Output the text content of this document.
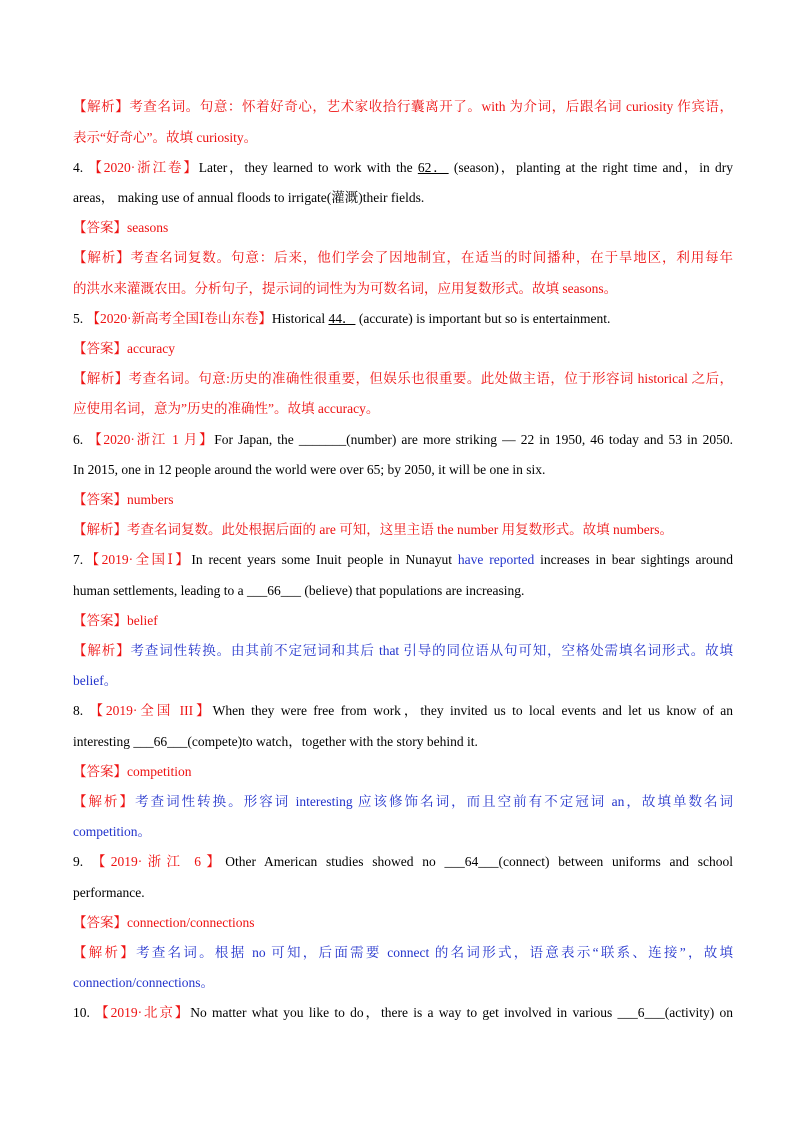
【解析】考查名词。句意：怀着好奇心，艺术家收拾行囊离开了。with 为介词，后跟名词 curiosity 作宾语，
表示“好奇心”。故填 curiosity。
4. 【2020·浙江卷】Later，they learned to work with the 62． (season)，planting at the right time and，in dry
areas， making use of annual floods to irrigate(灌溉)their fields.
【答案】seasons
【解析】考查名词复数。句意：后来，他们学会了因地制宜，在适当的时间播种，在于旱地区，利用每年
的洪水来灌溉农田。分析句子，提示词的词性为为可数名词，应用复数形式。故填 seasons。
5. 【2020·新高考全国Ⅰ卷山东卷】Historical 44． (accurate) is important but so is entertainment.
【答案】accuracy
【解析】考查名词。句意:历史的准确性很重要，但娱乐也很重要。此处做主语，位于形容词 historical 之后，
应使用名词，意为”历史的准确性”。故填 accuracy。
6. 【2020·浙江 1 月】For Japan, the _______(number) are more striking — 22 in 1950, 46 today and 53 in 2050.
In 2015, one in 12 people around the world were over 65; by 2050, it will be one in six.
【答案】numbers
【解析】考查名词复数。此处根据后面的 are 可知，这里主语 the number 用复数形式。故填 numbers。
7.【2019·全国Ⅰ】In recent years some Inuit people in Nunayut have reported increases in bear sightings around
human settlements, leading to a ___66___ (believe) that populations are increasing.
【答案】belief
【解析】考查词性转换。由其前不定冠词和其后 that 引导的同位语从句可知，空格处需填名词形式。故填
belief。
8. 【2019·全国 III】When they were free from work，they invited us to local events and let us know of an
interesting ___66___(compete)to watch，together with the story behind it.
【答案】competition
【解析】考查词性转换。形容词 interesting 应该修饰名词，而且空前有不定冠词 an，故填单数名词
competition。
9. 【2019·浙江 6】Other American studies showed no ___64___(connect) between uniforms and school
performance.
【答案】connection/connections
【解析】考查名词。根据 no 可知，后面需要 connect 的名词形式，语意表示“联系、连接”，故填
connection/connections。
10. 【2019·北京】No matter what you like to do，there is a way to get involved in various ___6___(activity) on
